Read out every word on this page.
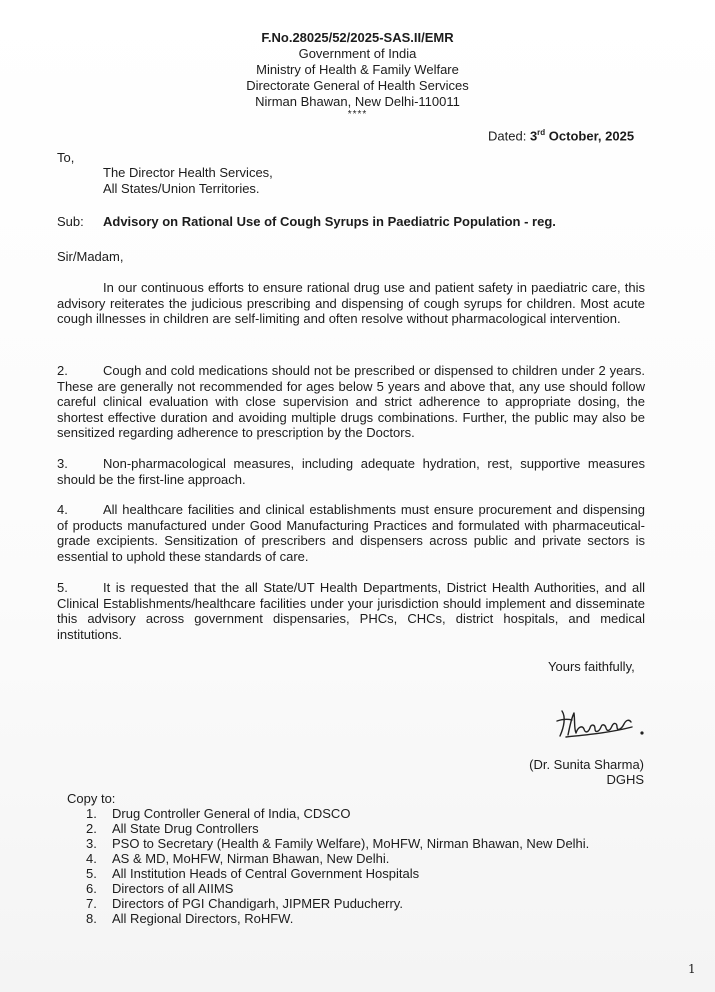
F.No.28025/52/2025-SAS.II/EMR
Government of India
Ministry of Health & Family Welfare
Directorate General of Health Services
Nirman Bhawan, New Delhi-110011
****
Dated: 3rd October, 2025
To,
The Director Health Services,
All States/Union Territories.
Sub: Advisory on Rational Use of Cough Syrups in Paediatric Population - reg.
Sir/Madam,

In our continuous efforts to ensure rational drug use and patient safety in paediatric care, this advisory reiterates the judicious prescribing and dispensing of cough syrups for children. Most acute cough illnesses in children are self-limiting and often resolve without pharmacological intervention.

2.	Cough and cold medications should not be prescribed or dispensed to children under 2 years. These are generally not recommended for ages below 5 years and above that, any use should follow careful clinical evaluation with close supervision and strict adherence to appropriate dosing, the shortest effective duration and avoiding multiple drugs combinations. Further, the public may also be sensitized regarding adherence to prescription by the Doctors.

3.	Non-pharmacological measures, including adequate hydration, rest, supportive measures should be the first-line approach.

4.	All healthcare facilities and clinical establishments must ensure procurement and dispensing of products manufactured under Good Manufacturing Practices and formulated with pharmaceutical-grade excipients. Sensitization of prescribers and dispensers across public and private sectors is essential to uphold these standards of care.

5.	It is requested that the all State/UT Health Departments, District Health Authorities, and all Clinical Establishments/healthcare facilities under your jurisdiction should implement and disseminate this advisory across government dispensaries, PHCs, CHCs, district hospitals, and medical institutions.

Yours faithfully,
(Dr. Sunita Sharma)
DGHS
Copy to:
1.	Drug Controller General of India, CDSCO
2.	All State Drug Controllers
3.	PSO to Secretary (Health & Family Welfare), MoHFW, Nirman Bhawan, New Delhi.
4.	AS & MD, MoHFW, Nirman Bhawan, New Delhi.
5.	All Institution Heads of Central Government Hospitals
6.	Directors of all AIIMS
7.	Directors of PGI Chandigarh, JIPMER Puducherry.
8.	All Regional Directors, RoHFW.
1
